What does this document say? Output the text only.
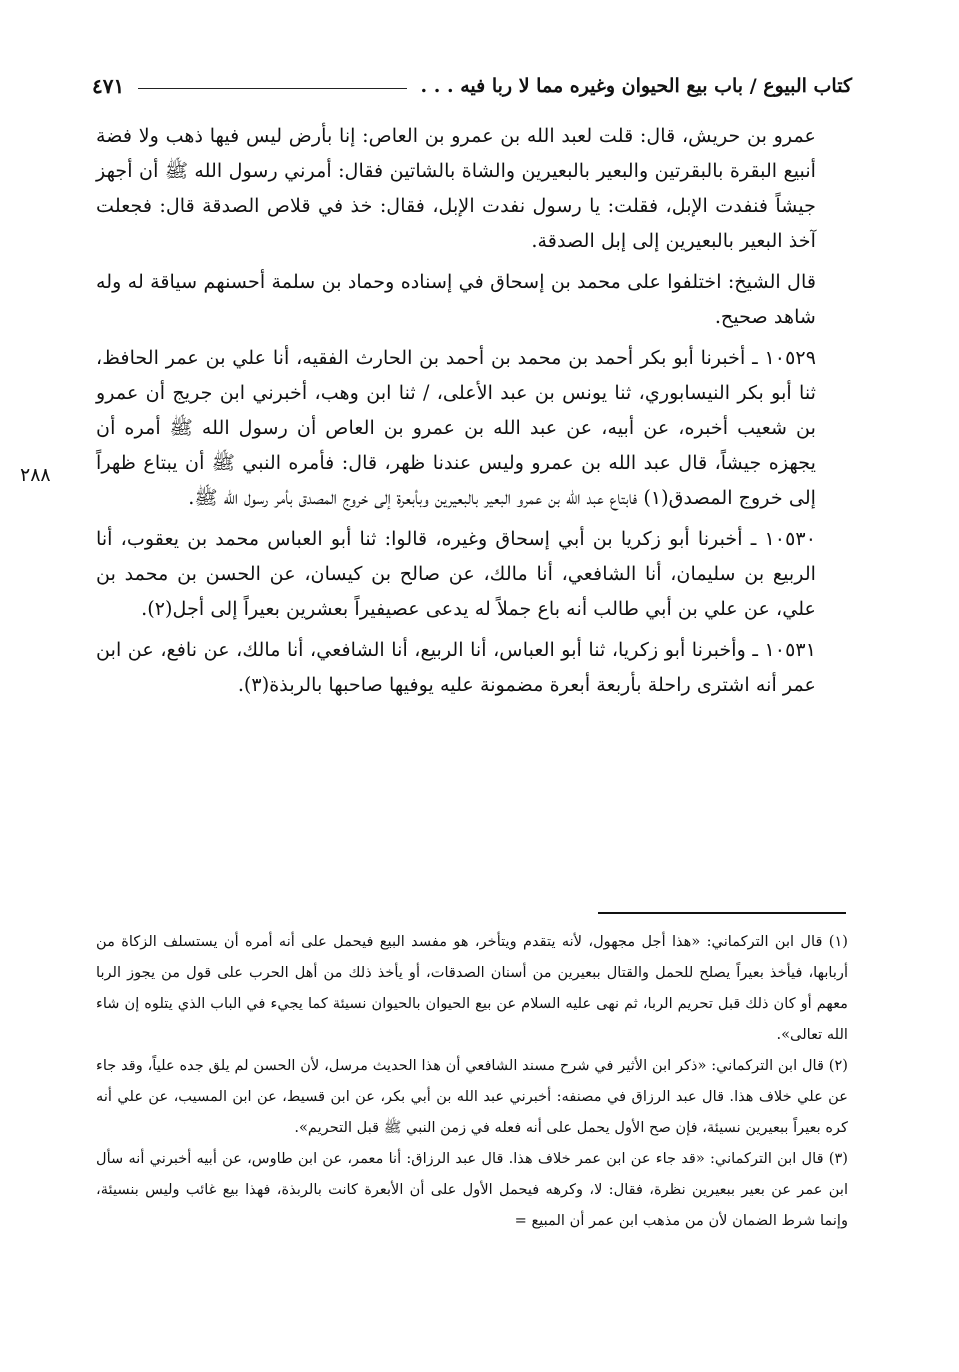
كتاب البيوع / باب بيع الحيوان وغيره مما لا ربا فيه . . .
٤٧١
٢٨٨

عمرو بن حريش، قال: قلت لعبد الله بن عمرو بن العاص: إنا بأرض ليس فيها ذهب ولا فضة أنبيع البقرة بالبقرتين والبعير بالبعيرين والشاة بالشاتين فقال: أمرني رسول الله ﷺ أن أجهز جيشاً فنفدت الإبل، فقلت: يا رسول نفدت الإبل، فقال: خذ في قلاص الصدقة قال: فجعلت آخذ البعير بالبعيرين إلى إبل الصدقة.

قال الشيخ: اختلفوا على محمد بن إسحاق في إسناده وحماد بن سلمة أحسنهم سياقة له وله شاهد صحيح.

١٠٥٢٩ ـ أخبرنا أبو بكر أحمد بن محمد بن أحمد بن الحارث الفقيه، أنا علي بن عمر الحافظ، ثنا أبو بكر النيسابوري، ثنا يونس بن عبد الأعلى، / ثنا ابن وهب، أخبرني ابن جريج أن عمرو بن شعيب أخبره، عن أبيه، عن عبد الله بن عمرو بن العاص أن رسول الله ﷺ أمره أن يجهزه جيشاً، قال عبد الله بن عمرو وليس عندنا ظهر، قال: فأمره النبي ﷺ أن يبتاع ظهراً إلى خروج المصدق(١) فابتاع عبد الله بن عمرو البعير بالبعيرين وبأبعرة إلى خروج المصدق بأمر رسول الله ﷺ.

١٠٥٣٠ ـ أخبرنا أبو زكريا بن أبي إسحاق وغيره، قالوا: ثنا أبو العباس محمد بن يعقوب، أنا الربيع بن سليمان، أنا الشافعي، أنا مالك، عن صالح بن كيسان، عن الحسن بن محمد بن علي، عن علي بن أبي طالب أنه باع جملاً له يدعى عصيفيراً بعشرين بعيراً إلى أجل(٢).

١٠٥٣١ ـ وأخبرنا أبو زكريا، ثنا أبو العباس، أنا الربيع، أنا الشافعي، أنا مالك، عن نافع، عن ابن عمر أنه اشترى راحلة بأربعة أبعرة مضمونة عليه يوفيها صاحبها بالربذة(٣).

(١) قال ابن التركماني: «هذا أجل مجهول، لأنه يتقدم ويتأخر، هو مفسد البيع فيحمل على أنه أمره أن يستسلف الزكاة من أربابها، فيأخذ بعيراً يصلح للحمل والقتال ببعيرين من أسنان الصدقات، أو يأخذ ذلك من أهل الحرب على قول من يجوز الربا معهم أو كان ذلك قبل تحريم الربا، ثم نهى عليه السلام عن بيع الحيوان بالحيوان نسيئة كما يجيء في الباب الذي يتلوه إن شاء الله تعالى».

(٢) قال ابن التركماني: «ذكر ابن الأثير في شرح مسند الشافعي أن هذا الحديث مرسل، لأن الحسن لم يلق جده علياً، وقد جاء عن علي خلاف هذا. قال عبد الرزاق في مصنفه: أخبرني عبد الله بن أبي بكر، عن ابن قسيط، عن ابن المسيب، عن علي أنه كره بعيراً ببعيرين نسيئة، فإن صح الأول يحمل على أنه فعله في زمن النبي ﷺ قبل التحريم».

(٣) قال ابن التركماني: «قد جاء عن ابن عمر خلاف هذا. قال عبد الرزاق: أنا معمر، عن ابن طاوس، عن أبيه أخبرني أنه سأل ابن عمر عن بعير ببعيرين نظرة، فقال: لا، وكرهه فيحمل الأول على أن الأبعرة كانت بالربذة، فهذا بيع غائب وليس بنسيئة، وإنما شرط الضمان لأن من مذهب ابن عمر أن المبيع =
